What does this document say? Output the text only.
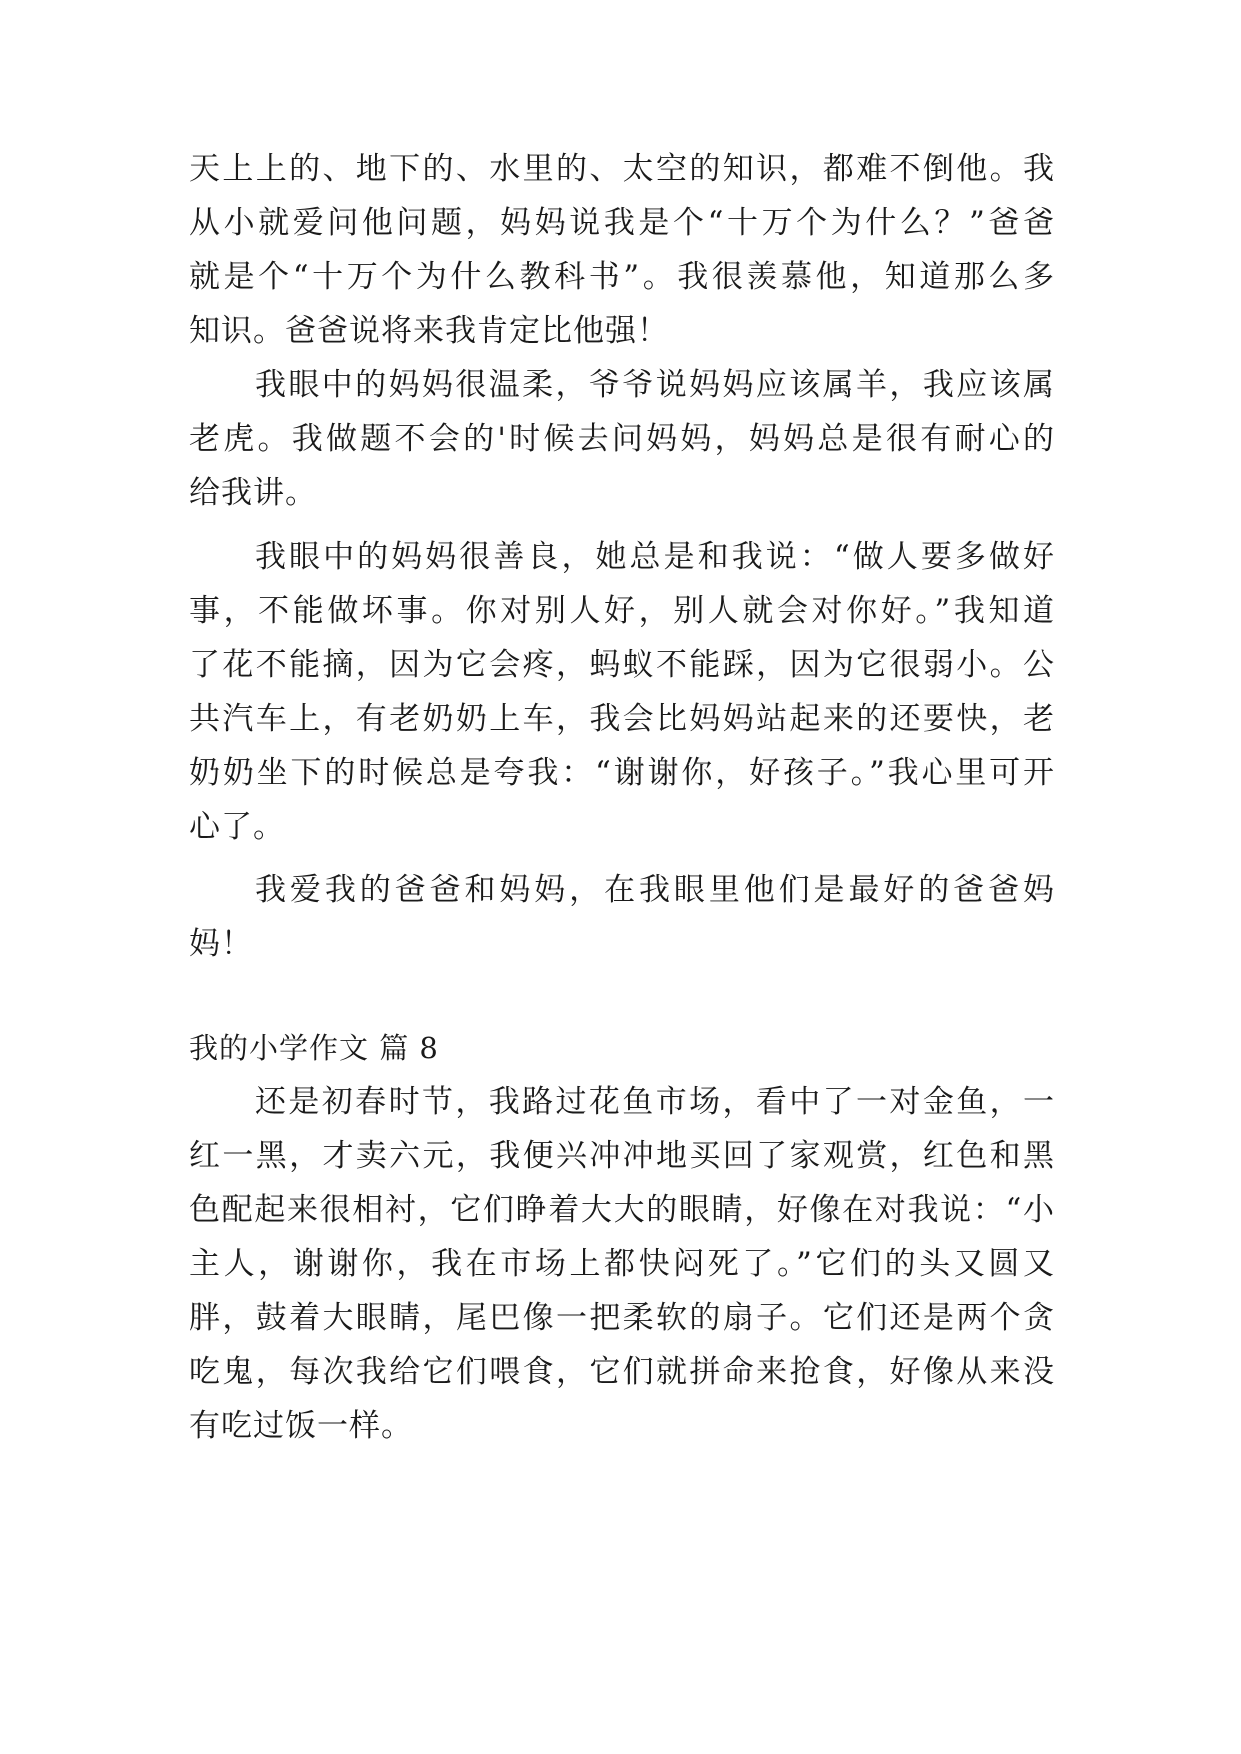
天上上的、地下的、水里的、太空的知识，都难不倒他。我
从小就爱问他问题，妈妈说我是个“十万个为什么？”爸爸
就是个“十万个为什么教科书”。我很羡慕他，知道那么多
知识。爸爸说将来我肯定比他强！
我眼中的妈妈很温柔，爷爷说妈妈应该属羊，我应该属
老虎。我做题不会的'时候去问妈妈，妈妈总是很有耐心的
给我讲。
我眼中的妈妈很善良，她总是和我说：“做人要多做好
事，不能做坏事。你对别人好，别人就会对你好。”我知道
了花不能摘，因为它会疼，蚂蚁不能踩，因为它很弱小。公
共汽车上，有老奶奶上车，我会比妈妈站起来的还要快，老
奶奶坐下的时候总是夸我：“谢谢你，好孩子。”我心里可开
心了。
我爱我的爸爸和妈妈，在我眼里他们是最好的爸爸妈
妈！
我的小学作文 篇 8
还是初春时节，我路过花鱼市场，看中了一对金鱼，一
红一黑，才卖六元，我便兴冲冲地买回了家观赏，红色和黑
色配起来很相衬，它们睁着大大的眼睛，好像在对我说：“小
主人，谢谢你，我在市场上都快闷死了。”它们的头又圆又
胖，鼓着大眼睛，尾巴像一把柔软的扇子。它们还是两个贪
吃鬼，每次我给它们喂食，它们就拼命来抢食，好像从来没
有吃过饭一样。
